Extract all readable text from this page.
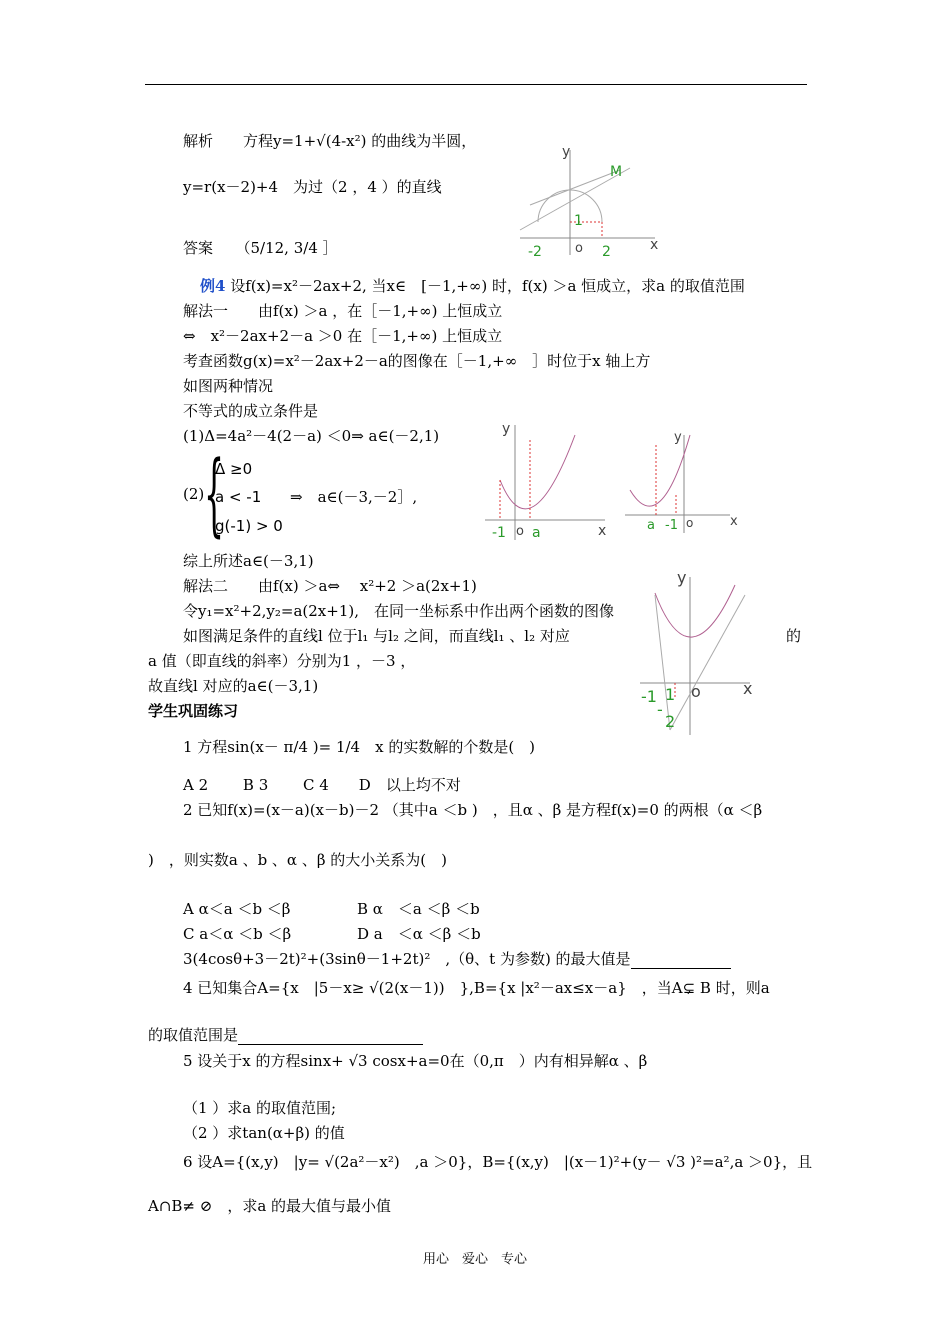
解析　　方程y=1+√(4-x²) 的曲线为半圆，
y=r(x－2)+4　为过（2 ，4 ）的直线
答案　　（5/12, 3/4 ］
例4 设f(x)=x²－2ax+2, 当x∈　[－1,+∞) 时，f(x) ＞a 恒成立，求a 的取值范围
解法一　　由f(x) ＞a ，在［－1,+∞) 上恒成立
⇔　x²－2ax+2－a ＞0 在［－1,+∞) 上恒成立
考查函数g(x)=x²－2ax+2－a的图像在［－1,+∞　］时位于x 轴上方
如图两种情况
不等式的成立条件是
(1)Δ=4a²－4(2－a) ＜0⇒ a∈(－2,1)
(2) {
Δ ≥0
a < -1
g(-1) > 0
⇒　a∈(－3,－2］,
综上所述a∈(－3,1)
解法二　　由f(x) ＞a⇔　 x²+2 ＞a(2x+1)
令y₁=x²+2,y₂=a(2x+1),　在同一坐标系中作出两个函数的图像
如图满足条件的直线l 位于l₁ 与l₂ 之间，而直线l₁ 、l₂ 对应	的
a 值（即直线的斜率）分别为1 ，－3 ，
故直线l 对应的a∈(－3,1)
学生巩固练习
1 方程sin(x－ π/4 )= 1/4　x 的实数解的个数是(　)
A 2　　 B 3　　 C 4　　D　以上均不对
2 已知f(x)=(x－a)(x－b)－2 （其中a ＜b )　，且α 、β 是方程f(x)=0 的两根（α ＜β
)　，则实数a 、b 、α 、β 的大小关系为(　)
A α＜a ＜b ＜β	B α　＜a ＜β ＜b
C a＜α ＜b ＜β	D a　＜α ＜β ＜b
3(4cosθ+3－2t)²+(3sinθ－1+2t)²　,（θ、t 为参数) 的最大值是
4 已知集合A={x　|5－x≥ √(2(x－1))　},B={x |x²－ax≤x－a}　，当A⊊ B 时，则a
的取值范围是
5 设关于x 的方程sinx+ √3 cosx+a=0在（0,π　）内有相异解α 、β
（1 ）求a 的取值范围;
（2 ）求tan(α+β) 的值
6 设A={(x,y)　|y= √(2a²－x²)　,a ＞0}，B={(x,y)　|(x－1)²+(y－ √3 )²=a²,a ＞0}，且
A∩B≠ ⊘　，求a 的最大值与最小值
用心　爱心　专心
y
M
1
-2	o 2	x
y
-1 o a	x
y
a -1 o	x
y
-1 1
-
2
o	x
